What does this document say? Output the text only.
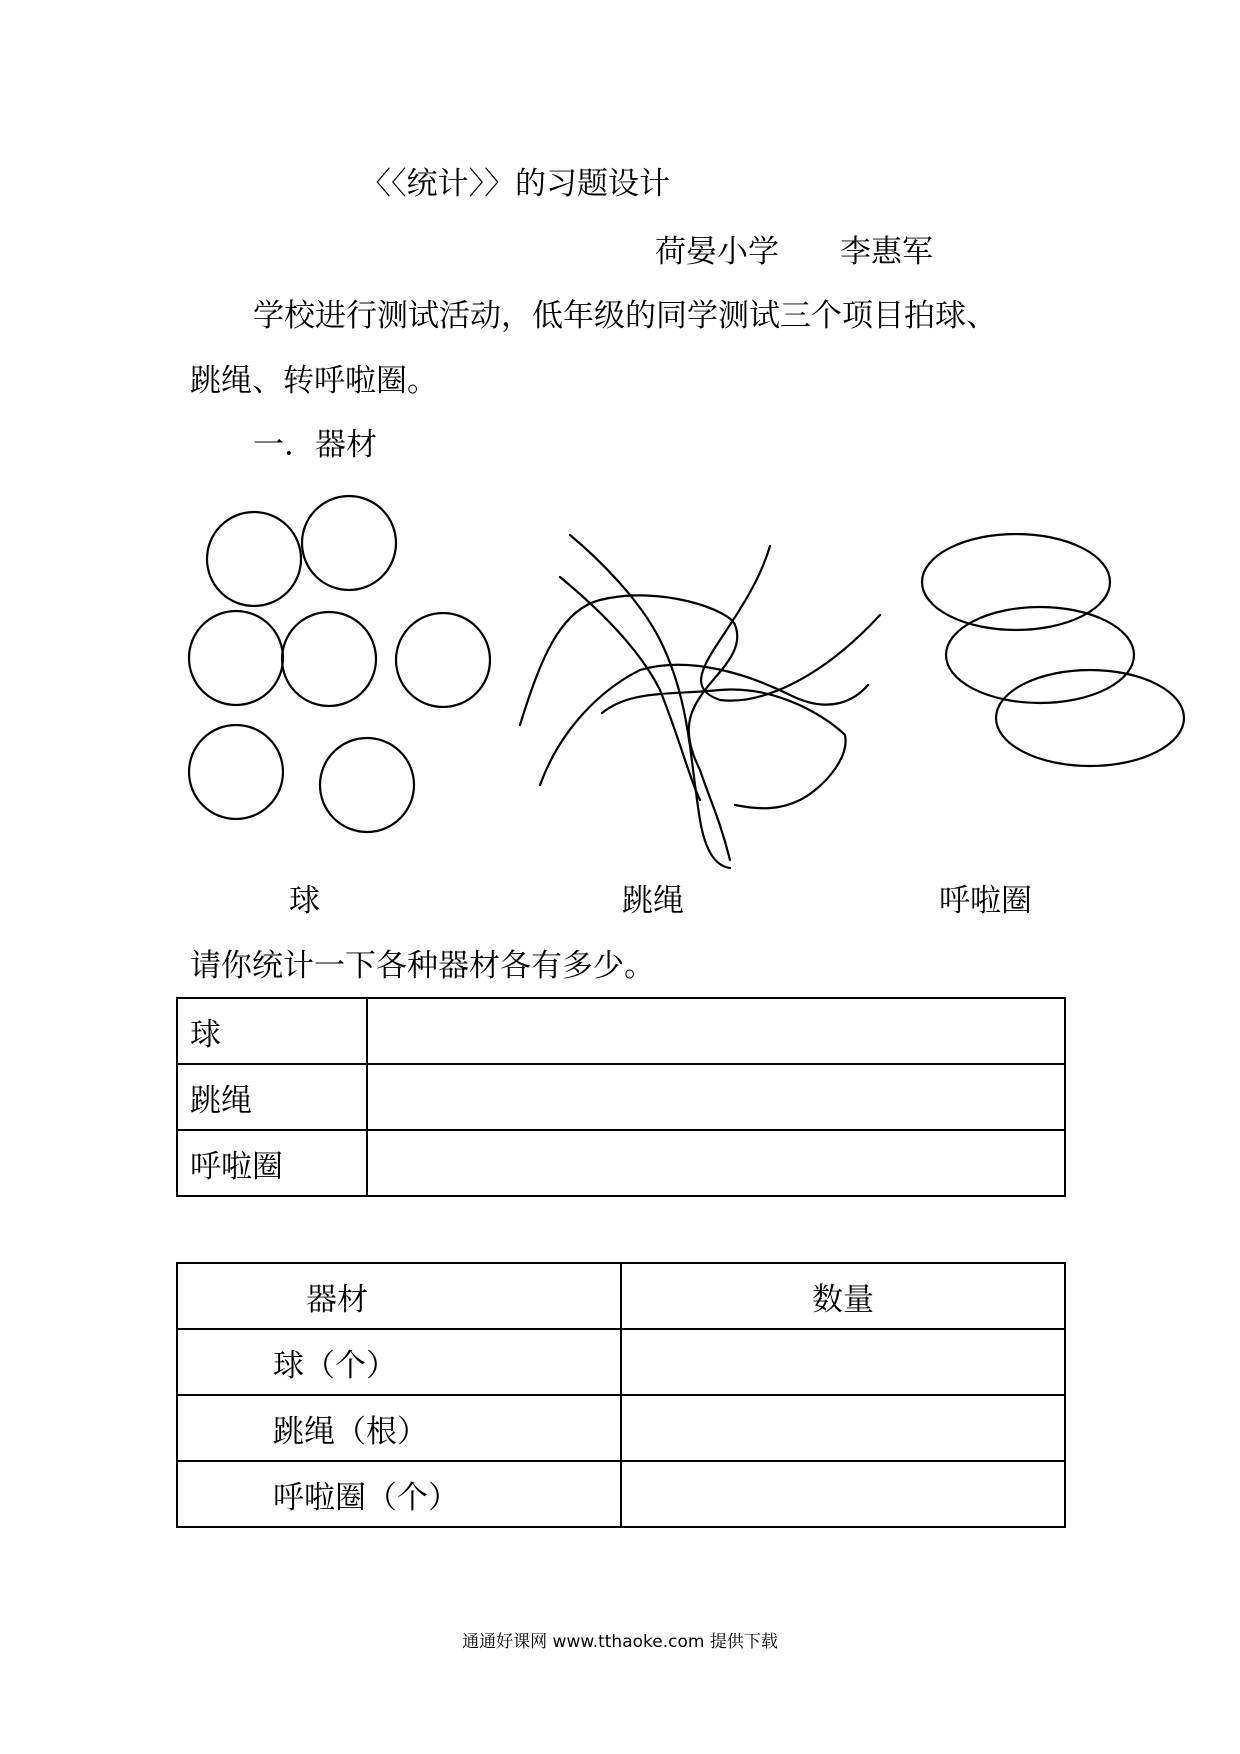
〈〈统计〉〉的习题设计
荷晏小学 李惠军
学校进行测试活动，低年级的同学测试三个项目拍球、
跳绳、转呼啦圈。
一．器材
球	跳绳	呼啦圈
请你统计一下各种器材各有多少。
球	
跳绳	
呼啦圈	
器材	数量
球（个）	
跳绳（根）	
呼啦圈（个）	
通通好课网 www.tthaoke.com 提供下载
